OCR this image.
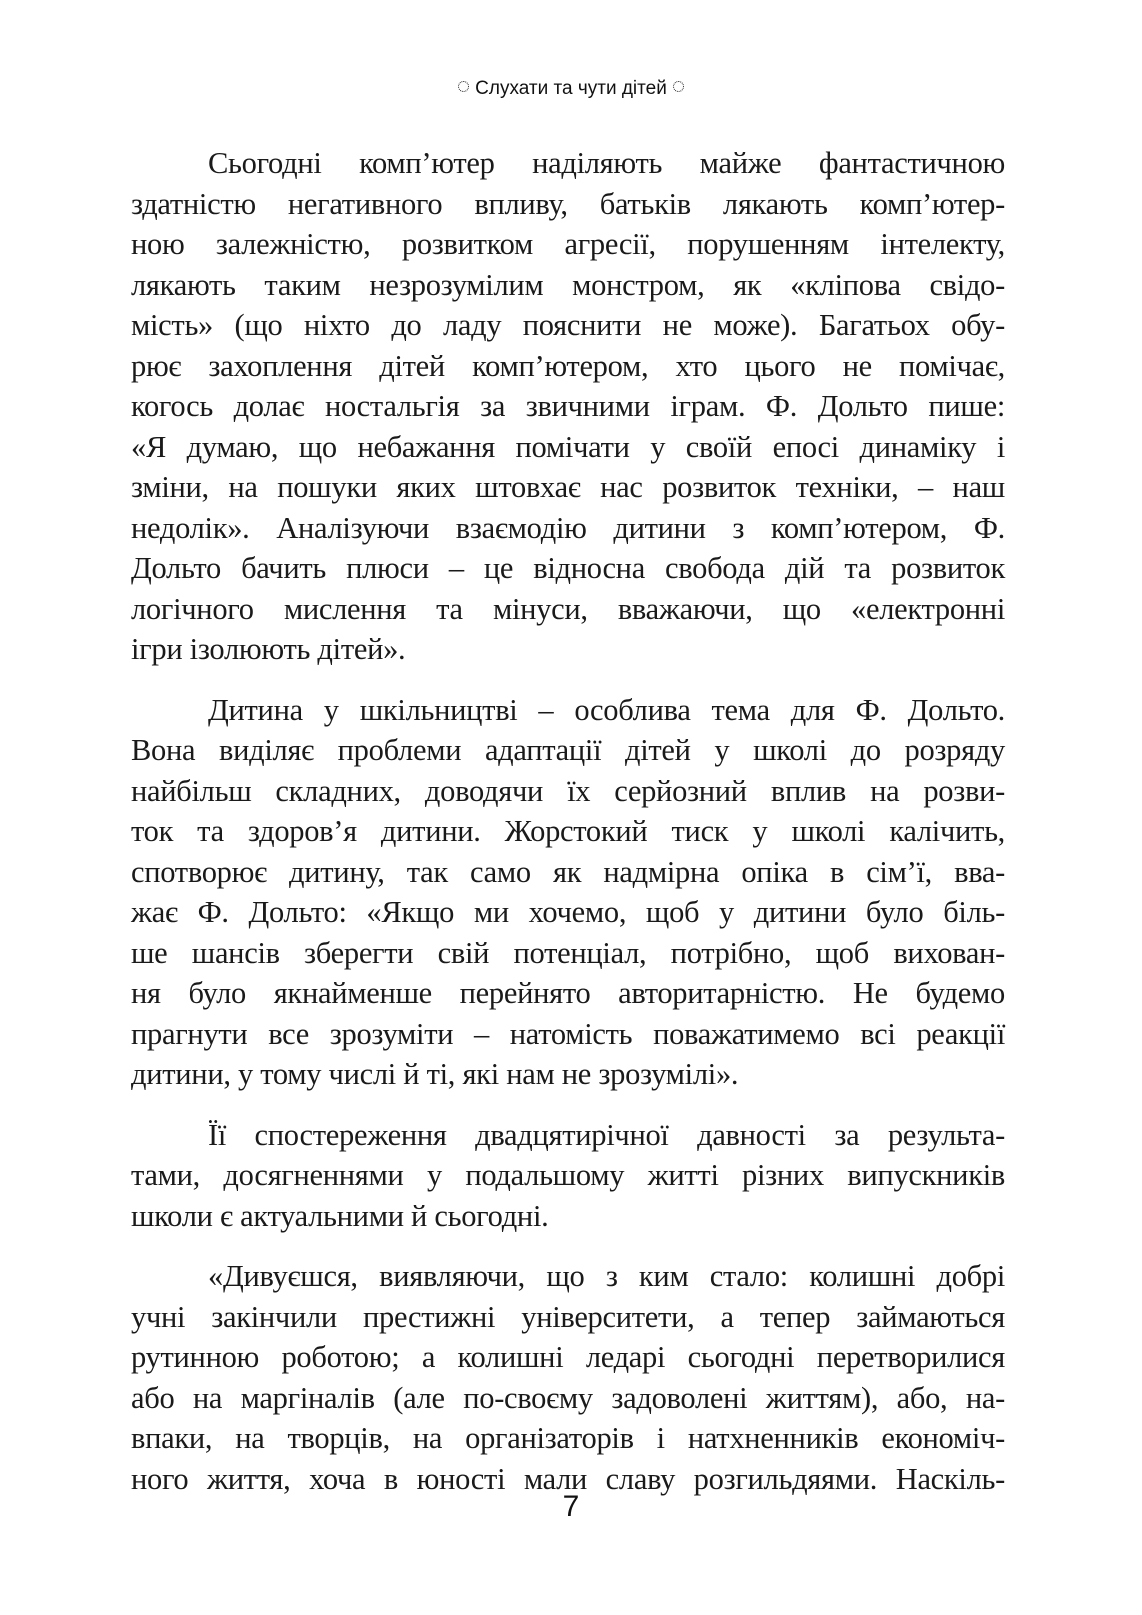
Слухати та чути дітей
Сьогодні комп’ютер наділяють майже фантастичною
здатністю негативного впливу, батьків лякають комп’ютер-
ною залежністю, розвитком агресії, порушенням інтелекту,
лякають таким незрозумілим монстром, як «кліпова свідо-
мість» (що ніхто до ладу пояснити не може). Багатьох обу-
рює захоплення дітей комп’ютером, хто цього не помічає,
когось долає ностальгія за звичними іграм. Ф. Дольто пише:
«Я думаю, що небажання помічати у своїй епосі динаміку і
зміни, на пошуки яких штовхає нас розвиток техніки, – наш
недолік». Аналізуючи взаємодію дитини з комп’ютером, Ф.
Дольто бачить плюси – це відносна свобода дій та розвиток
логічного мислення та мінуси, вважаючи, що «електронні
ігри ізолюють дітей».
Дитина у шкільництві – особлива тема для Ф. Дольто.
Вона виділяє проблеми адаптації дітей у школі до розряду
найбільш складних, доводячи їх серйозний вплив на розви-
ток та здоров’я дитини. Жорстокий тиск у школі калічить,
спотворює дитину, так само як надмірна опіка в сім’ї, вва-
жає Ф. Дольто: «Якщо ми хочемо, щоб у дитини було біль-
ше шансів зберегти свій потенціал, потрібно, щоб вихован-
ня було якнайменше перейнято авторитарністю. Не будемо
прагнути все зрозуміти – натомість поважатимемо всі реакції
дитини, у тому числі й ті, які нам не зрозумілі».
Її спостереження двадцятирічної давності за результа-
тами, досягненнями у подальшому житті різних випускників
школи є актуальними й сьогодні.
«Дивуєшся, виявляючи, що з ким стало: колишні добрі
учні закінчили престижні університети, а тепер займаються
рутинною роботою; а колишні ледарі сьогодні перетворилися
або на маргіналів (але по-своєму задоволені життям), або, на-
впаки, на творців, на організаторів і натхненників економіч-
ного життя, хоча в юності мали славу розгильдяями. Наскіль-
7
